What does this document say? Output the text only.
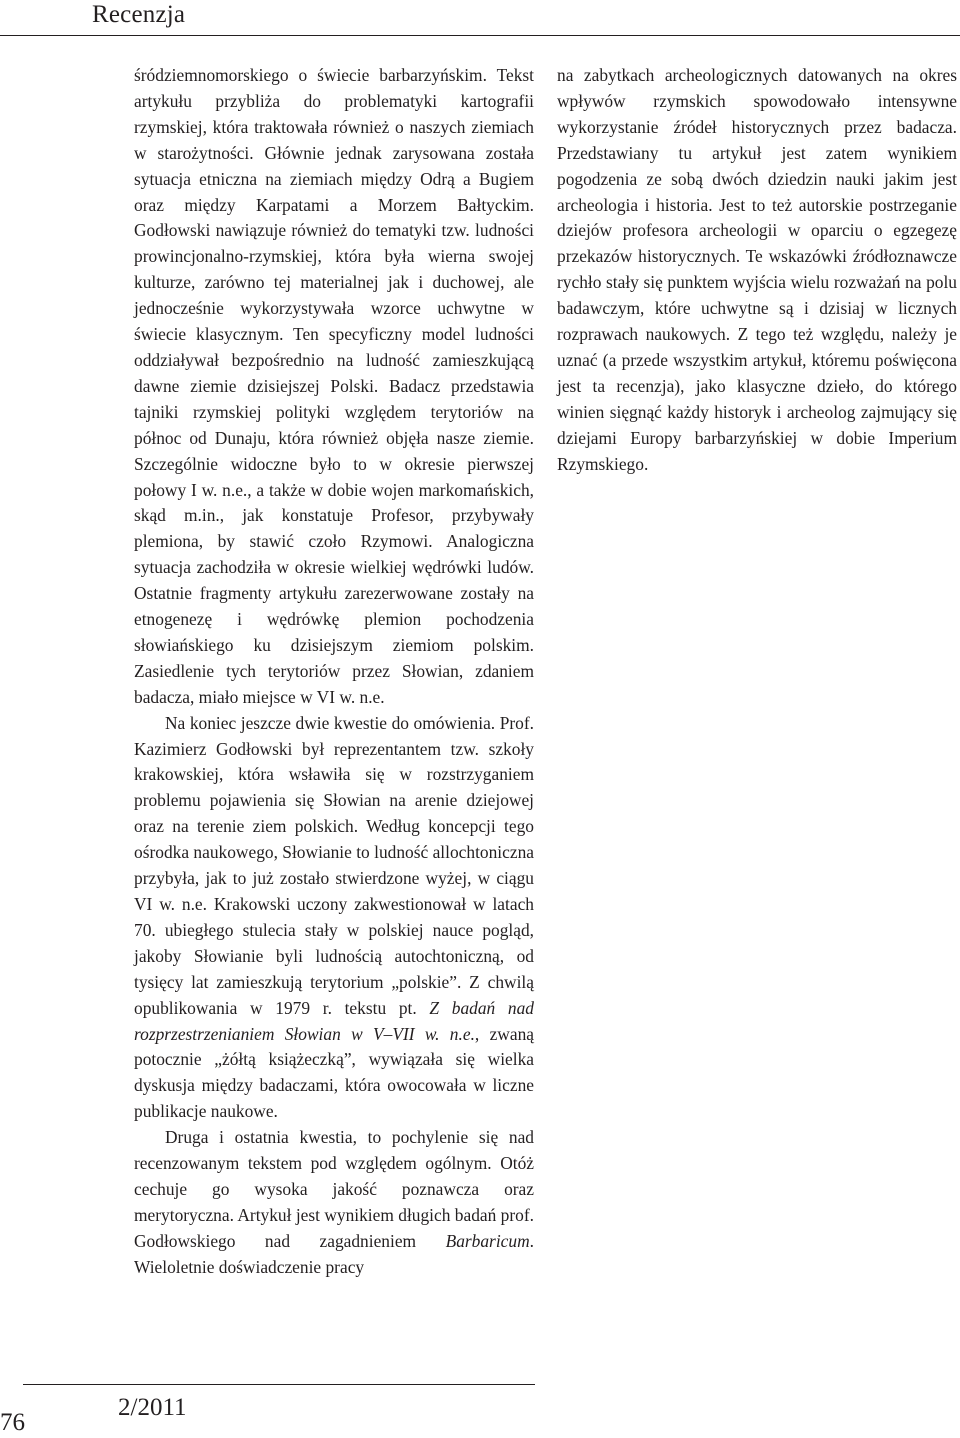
Recenzja

śródziemnomorskiego o świecie barbarzyńskim. Tekst artykułu przybliża do problematyki kartografii rzymskiej, która traktowała również o naszych ziemiach w starożytności. Głównie jednak zarysowana została sytuacja etniczna na ziemiach między Odrą a Bugiem oraz między Karpatami a Morzem Bałtyckim. Godłowski nawiązuje również do tematyki tzw. ludności prowincjonalno-rzymskiej, która była wierna swojej kulturze, zarówno tej materialnej jak i duchowej, ale jednocześnie wykorzystywała wzorce uchwytne w świecie klasycznym. Ten specyficzny model ludności oddziaływał bezpośrednio na ludność zamieszkującą dawne ziemie dzisiejszej Polski. Badacz przedstawia tajniki rzymskiej polityki względem terytoriów na północ od Dunaju, która również objęła nasze ziemie. Szczególnie widoczne było to w okresie pierwszej połowy I w. n.e., a także w dobie wojen markomańskich, skąd m.in., jak konstatuje Profesor, przybywały plemiona, by stawić czoło Rzymowi. Analogiczna sytuacja zachodziła w okresie wielkiej wędrówki ludów. Ostatnie fragmenty artykułu zarezerwowane zostały na etnogenezę i wędrówkę plemion pochodzenia słowiańskiego ku dzisiejszym ziemiom polskim. Zasiedlenie tych terytoriów przez Słowian, zdaniem badacza, miało miejsce w VI w. n.e.

Na koniec jeszcze dwie kwestie do omówienia. Prof. Kazimierz Godłowski był reprezentantem tzw. szkoły krakowskiej, która wsławiła się w rozstrzyganiem problemu pojawienia się Słowian na arenie dziejowej oraz na terenie ziem polskich. Według koncepcji tego ośrodka naukowego, Słowianie to ludność allochtoniczna przybyła, jak to już zostało stwierdzone wyżej, w ciągu VI w. n.e. Krakowski uczony zakwestionował w latach 70. ubiegłego stulecia stały w polskiej nauce pogląd, jakoby Słowianie byli ludnością autochtoniczną, od tysięcy lat zamieszkują terytorium „polskie”. Z chwilą opublikowania w 1979 r. tekstu pt. Z badań nad rozprzestrzenianiem Słowian w V–VII w. n.e., zwaną potocznie „żółtą książeczką”, wywiązała się wielka dyskusja między badaczami, która owocowała w liczne publikacje naukowe.

Druga i ostatnia kwestia, to pochylenie się nad recenzowanym tekstem pod względem ogólnym. Otóż cechuje go wysoka jakość poznawcza oraz merytoryczna. Artykuł jest wynikiem długich badań prof. Godłowskiego nad zagadnieniem Barbaricum. Wieloletnie doświadczenie pracy

na zabytkach archeologicznych datowanych na okres wpływów rzymskich spowodowało intensywne wykorzystanie źródeł historycznych przez badacza. Przedstawiany tu artykuł jest zatem wynikiem pogodzenia ze sobą dwóch dziedzin nauki jakim jest archeologia i historia. Jest to też autorskie postrzeganie dziejów profesora archeologii w oparciu o egzegezę przekazów historycznych. Te wskazówki źródłoznawcze rychło stały się punktem wyjścia wielu rozważań na polu badawczym, które uchwytne są i dzisiaj w licznych rozprawach naukowych. Z tego też względu, należy je uznać (a przede wszystkim artykuł, któremu poświęcona jest ta recenzja), jako klasyczne dzieło, do którego winien sięgnąć każdy historyk i archeolog zajmujący się dziejami Europy barbarzyńskiej w dobie Imperium Rzymskiego.

76
2/2011
